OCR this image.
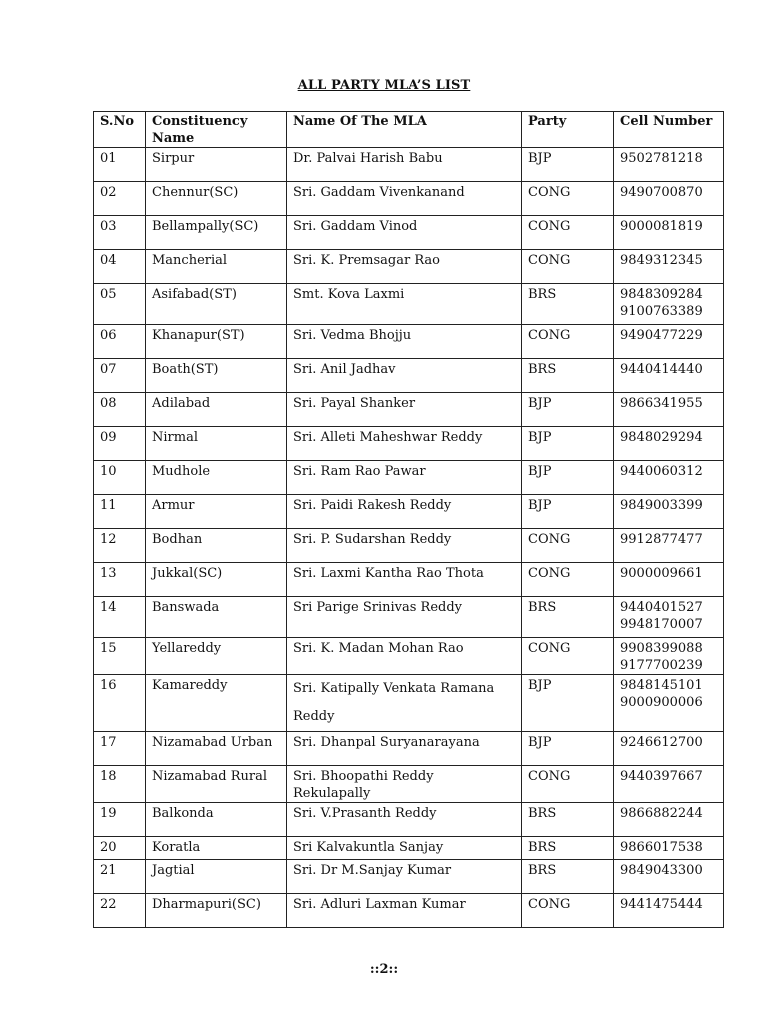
ALL PARTY MLA’S LIST
S.No	Constituency Name	Name Of The MLA	Party	Cell Number
01	Sirpur	Dr. Palvai Harish Babu	BJP	9502781218

02	Chennur(SC)	Sri. Gaddam Vivenkanand	CONG	9490700870

03	Bellampally(SC)	Sri. Gaddam Vinod	CONG	9000081819

04	Mancherial	Sri. K. Premsagar Rao	CONG	9849312345

05	Asifabad(ST)	Smt. Kova Laxmi	BRS	9848309284
9100763389

06	Khanapur(ST)	Sri. Vedma Bhojju	CONG	9490477229

07	Boath(ST)	Sri. Anil Jadhav	BRS	9440414440

08	Adilabad	Sri. Payal Shanker	BJP	9866341955

09	Nirmal	Sri. Alleti Maheshwar Reddy	BJP	9848029294

10	Mudhole	Sri. Ram Rao Pawar	BJP	9440060312

11	Armur	Sri. Paidi Rakesh Reddy	BJP	9849003399

12	Bodhan	Sri. P. Sudarshan Reddy	CONG	9912877477

13	Jukkal(SC)	Sri. Laxmi Kantha Rao Thota	CONG	9000009661

14	Banswada	Sri Parige Srinivas Reddy	BRS	9440401527
9948170007

15	Yellareddy	Sri. K. Madan Mohan Rao	CONG	9908399088
9177700239

16	Kamareddy	Sri. Katipally Venkata Ramana Reddy	BJP	9848145101
9000900006

17	Nizamabad Urban	Sri. Dhanpal Suryanarayana	BJP	9246612700

18	Nizamabad Rural	Sri. Bhoopathi Reddy Rekulapally	CONG	9440397667

19	Balkonda	Sri. V.Prasanth Reddy	BRS	9866882244

20	Koratla	Sri Kalvakuntla Sanjay	BRS	9866017538

21	Jagtial	Sri. Dr M.Sanjay Kumar	BRS	9849043300

22	Dharmapuri(SC)	Sri. Adluri Laxman Kumar	CONG	9441475444
::2::
